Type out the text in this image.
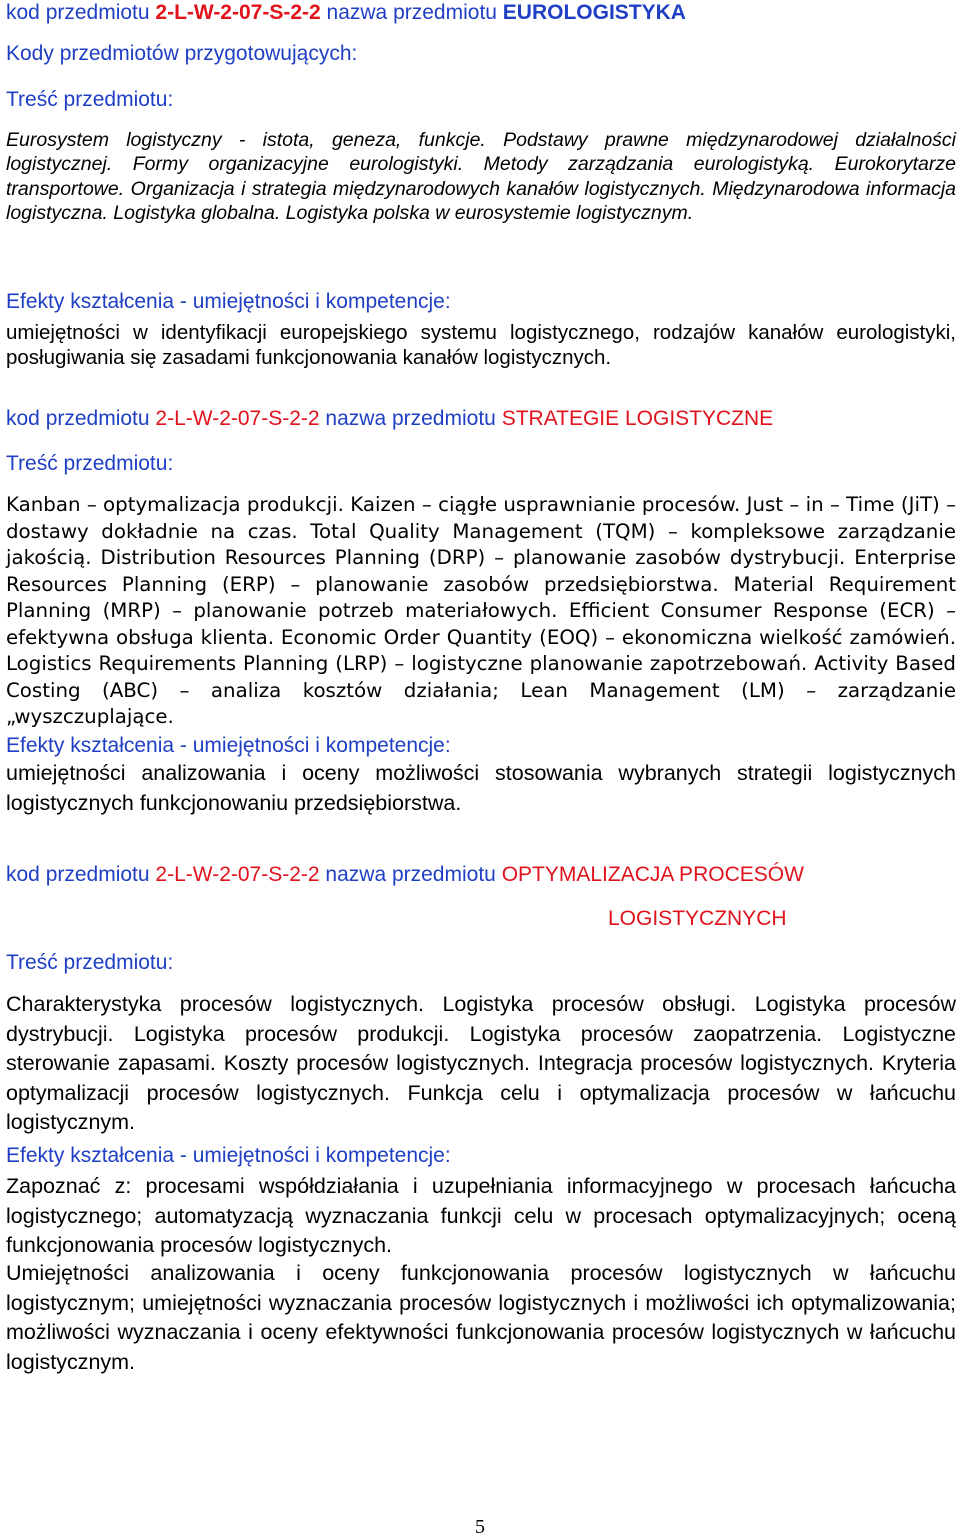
kod przedmiotu 2-L-W-2-07-S-2-2 nazwa przedmiotu EUROLOGISTYKA
Kody przedmiotów przygotowujących:
Treść przedmiotu:

Eurosystem logistyczny - istota, geneza, funkcje. Podstawy prawne międzynarodowej działalności logistycznej. Formy organizacyjne eurologistyki. Metody zarządzania eurologistyką. Eurokorytarze transportowe. Organizacja i strategia międzynarodowych kanałów logistycznych. Międzynarodowa informacja logistyczna. Logistyka globalna. Logistyka polska w eurosystemie logistycznym.

Efekty kształcenia - umiejętności i kompetencje:

umiejętności w identyfikacji europejskiego systemu logistycznego, rodzajów kanałów eurologistyki, posługiwania się zasadami funkcjonowania kanałów logistycznych.

kod przedmiotu 2-L-W-2-07-S-2-2 nazwa przedmiotu STRATEGIE LOGISTYCZNE
Treść przedmiotu:

Kanban – optymalizacja produkcji. Kaizen – ciągłe usprawnianie procesów. Just – in – Time (JiT) – dostawy dokładnie na czas. Total Quality Management (TQM) – kompleksowe zarządzanie jakością. Distribution Resources Planning (DRP) – planowanie zasobów dystrybucji. Enterprise Resources Planning (ERP) – planowanie zasobów przedsiębiorstwa. Material Requirement Planning (MRP) – planowanie potrzeb materiałowych. Efficient Consumer Response (ECR) – efektywna obsługa klienta. Economic Order Quantity (EOQ) – ekonomiczna wielkość zamówień. Logistics Requirements Planning (LRP) – logistyczne planowanie zapotrzebowań. Activity Based Costing (ABC) – analiza kosztów działania; Lean Management (LM) – zarządzanie „wyszczuplające.

Efekty kształcenia - umiejętności i kompetencje:

umiejętności analizowania i oceny możliwości stosowania wybranych strategii logistycznych logistycznych funkcjonowaniu przedsiębiorstwa.

kod przedmiotu 2-L-W-2-07-S-2-2 nazwa przedmiotu OPTYMALIZACJA PROCESÓW
LOGISTYCZNYCH
Treść przedmiotu:

Charakterystyka procesów logistycznych. Logistyka procesów obsługi. Logistyka procesów dystrybucji. Logistyka procesów produkcji. Logistyka procesów zaopatrzenia. Logistyczne sterowanie zapasami. Koszty procesów logistycznych. Integracja procesów logistycznych. Kryteria optymalizacji procesów logistycznych. Funkcja celu i optymalizacja procesów w łańcuchu logistycznym.

Efekty kształcenia - umiejętności i kompetencje:

Zapoznać z: procesami współdziałania i uzupełniania informacyjnego w procesach łańcucha logistycznego; automatyzacją wyznaczania funkcji celu w procesach optymalizacyjnych; oceną funkcjonowania procesów logistycznych.

Umiejętności analizowania i oceny funkcjonowania procesów logistycznych w łańcuchu logistycznym; umiejętności wyznaczania procesów logistycznych i możliwości ich optymalizowania; możliwości wyznaczania i oceny efektywności funkcjonowania procesów logistycznych w łańcuchu logistycznym.

5
